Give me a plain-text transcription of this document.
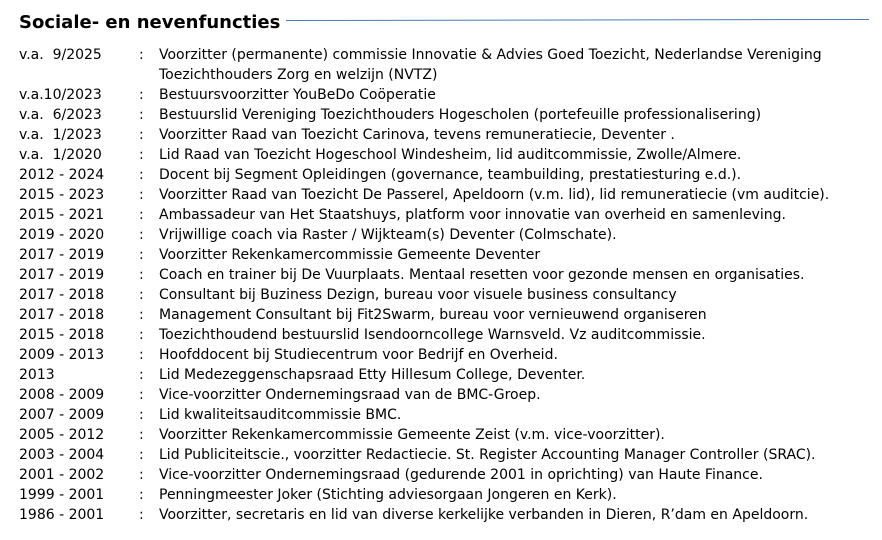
Sociale- en nevenfuncties
v.a.  9/2025	: Voorzitter (permanente) commissie Innovatie & Advies Goed Toezicht, Nederlandse Vereniging Toezichthouders Zorg en welzijn (NVTZ)
v.a.10/2023	: Bestuursvoorzitter YouBeDo Coöperatie
v.a.  6/2023	: Bestuurslid Vereniging Toezichthouders Hogescholen (portefeuille professionalisering)
v.a.  1/2023	: Voorzitter Raad van Toezicht Carinova, tevens remuneratiecie, Deventer .
v.a.  1/2020	: Lid Raad van Toezicht Hogeschool Windesheim, lid auditcommissie, Zwolle/Almere.
2012 - 2024 : Docent bij Segment Opleidingen (governance, teambuilding, prestatiesturing e.d.).
2015 - 2023 : Voorzitter Raad van Toezicht De Passerel, Apeldoorn (v.m. lid), lid remuneratiecie (vm auditcie).
2015 - 2021 : Ambassadeur van Het Staatshuys, platform voor innovatie van overheid en samenleving.
2019 - 2020 : Vrijwillige coach via Raster / Wijkteam(s) Deventer (Colmschate).
2017 - 2019 : Voorzitter Rekenkamercommissie Gemeente Deventer
2017 - 2019 : Coach en trainer bij De Vuurplaats. Mentaal resetten voor gezonde mensen en organisaties.
2017 - 2018 : Consultant bij Buziness Dezign, bureau voor visuele business consultancy
2017 - 2018 : Management Consultant bij Fit2Swarm, bureau voor vernieuwend organiseren
2015 - 2018 : Toezichthoudend bestuurslid Isendoorncollege Warnsveld. Vz auditcommissie.
2009 - 2013 : Hoofddocent bij Studiecentrum voor Bedrijf en Overheid.
2013	: Lid Medezeggenschapsraad Etty Hillesum College, Deventer.
2008 - 2009 : Vice-voorzitter Ondernemingsraad van de BMC-Groep.
2007 - 2009 : Lid kwaliteitsauditcommissie BMC.
2005 - 2012 : Voorzitter Rekenkamercommissie Gemeente Zeist (v.m. vice-voorzitter).
2003 - 2004 : Lid Publiciteitscie., voorzitter Redactiecie. St. Register Accounting Manager Controller (SRAC).
2001 - 2002 : Vice-voorzitter Ondernemingsraad (gedurende 2001 in oprichting) van Haute Finance.
1999 - 2001 : Penningmeester Joker (Stichting adviesorgaan Jongeren en Kerk).
1986 - 2001 : Voorzitter, secretaris en lid van diverse kerkelijke verbanden in Dieren, R’dam en Apeldoorn.
